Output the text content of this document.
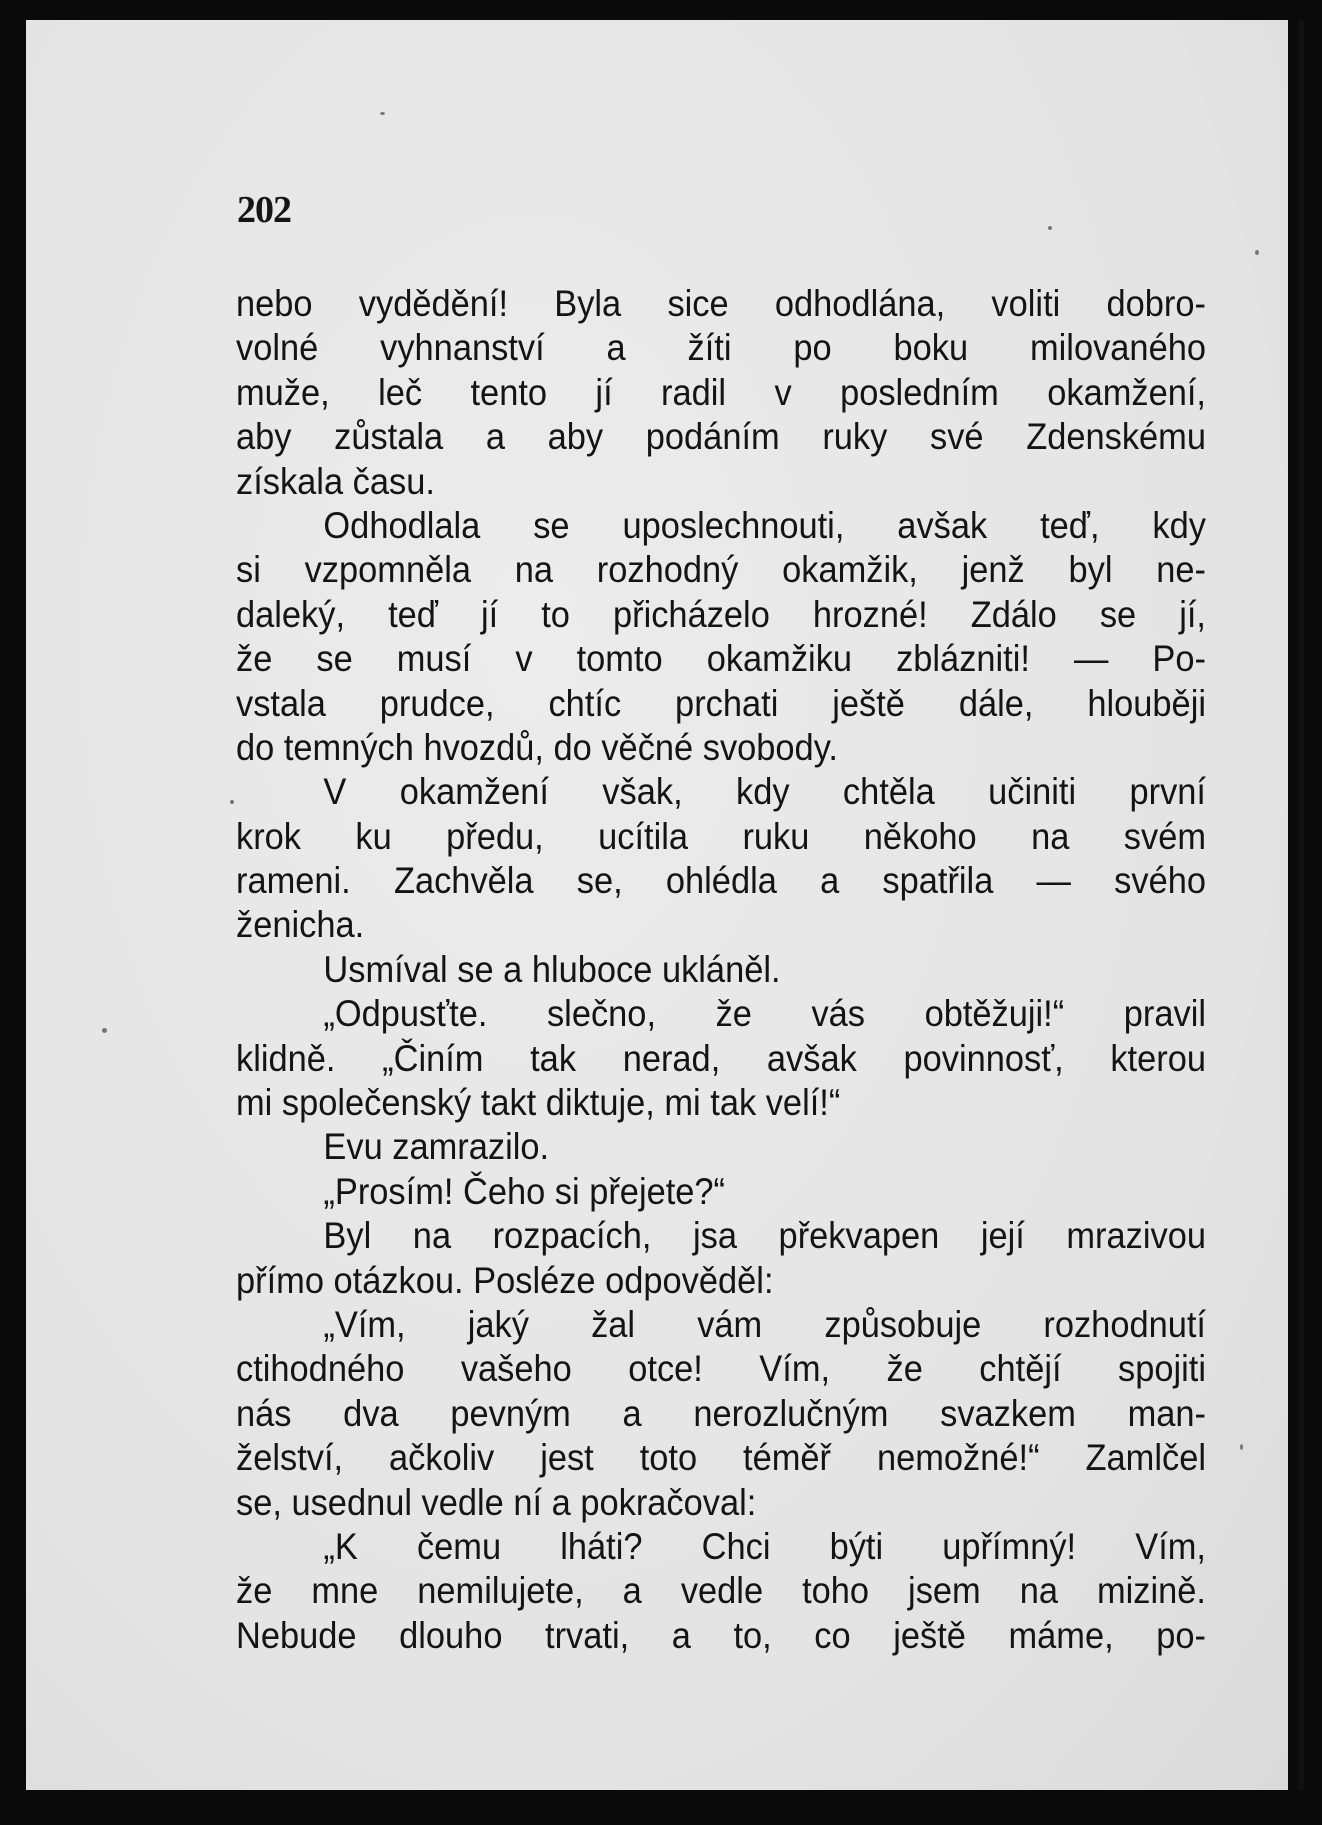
202
nebo vydědění! Byla sice odhodlána, voliti dobro-
volné vyhnanství a žíti po boku milovaného
muže, leč tento jí radil v posledním okamžení,
aby zůstala a aby podáním ruky své Zdenskému
získala času.
Odhodlala se uposlechnouti, avšak teď, kdy
si vzpomněla na rozhodný okamžik, jenž byl ne-
daleký, teď jí to přicházelo hrozné! Zdálo se jí,
že se musí v tomto okamžiku zblázniti! — Po-
vstala prudce, chtíc prchati ještě dále, hlouběji
do temných hvozdů, do věčné svobody.
V okamžení však, kdy chtěla učiniti první
krok ku předu, ucítila ruku někoho na svém
rameni. Zachvěla se, ohlédla a spatřila — svého
ženicha.
Usmíval se a hluboce ukláněl.
„Odpusťte. slečno, že vás obtěžuji!“ pravil
klidně. „Činím tak nerad, avšak povinnosť, kterou
mi společenský takt diktuje, mi tak velí!“
Evu zamrazilo.
„Prosím! Čeho si přejete?“
Byl na rozpacích, jsa překvapen její mrazivou
přímo otázkou. Posléze odpověděl:
„Vím, jaký žal vám způsobuje rozhodnutí
ctihodného vašeho otce! Vím, že chtějí spojiti
nás dva pevným a nerozlučným svazkem man-
želství, ačkoliv jest toto téměř nemožné!“ Zamlčel
se, usednul vedle ní a pokračoval:
„K čemu lháti? Chci býti upřímný! Vím,
že mne nemilujete, a vedle toho jsem na mizině.
Nebude dlouho trvati, a to, co ještě máme, po-
